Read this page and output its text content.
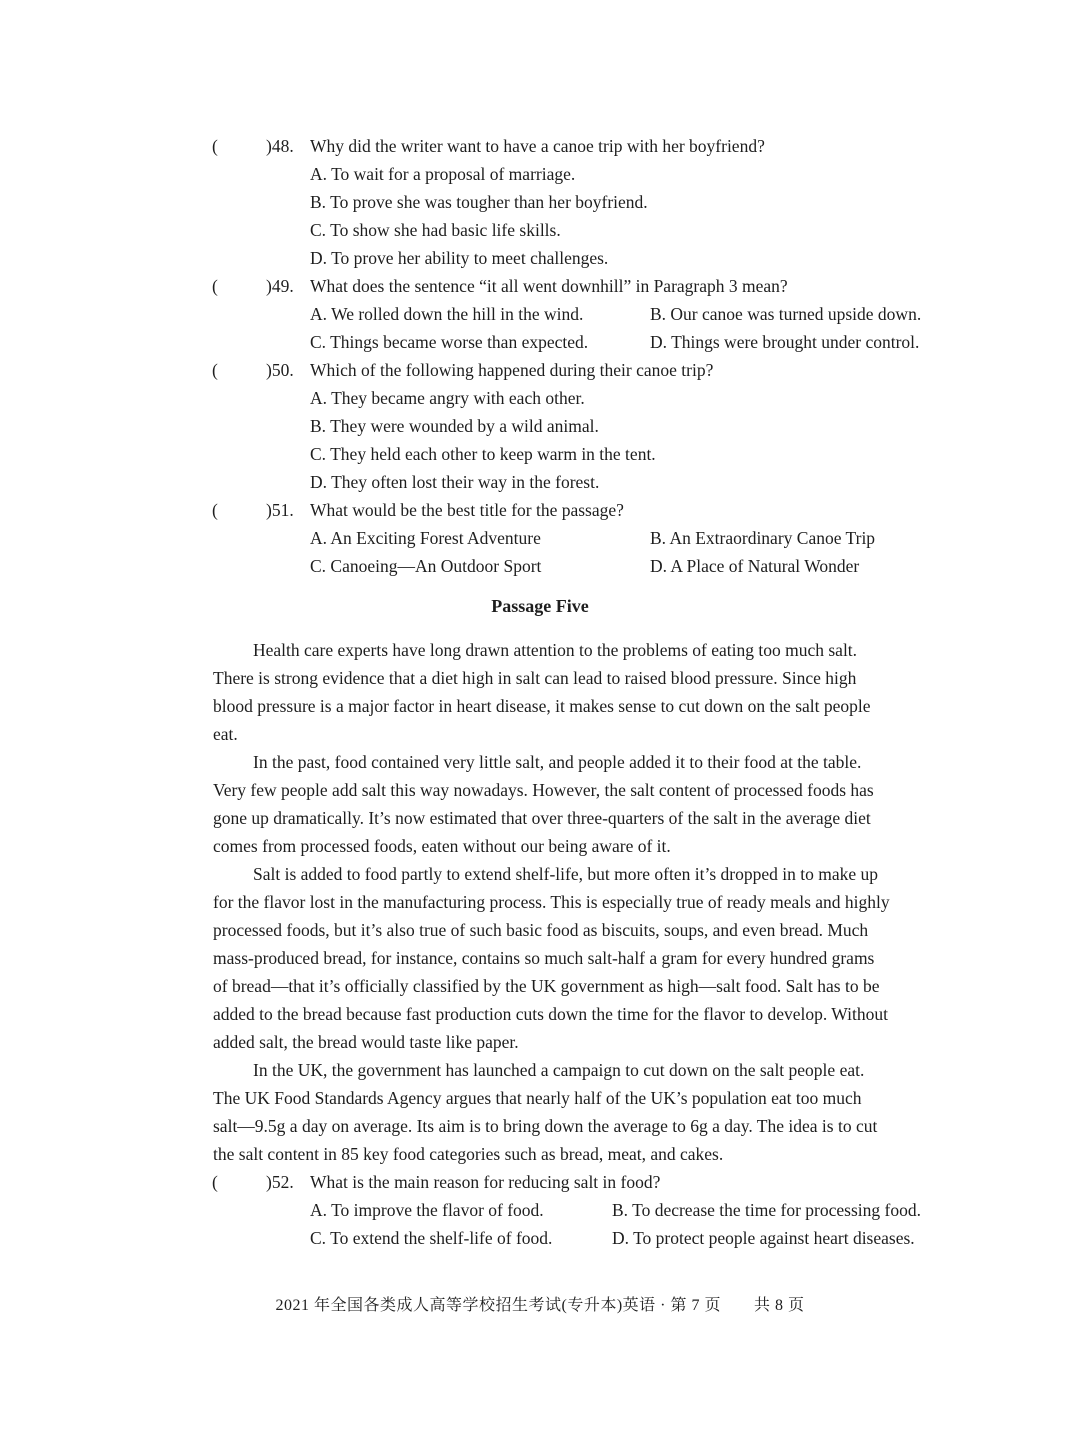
(	)48. Why did the writer want to have a canoe trip with her boyfriend?
A. To wait for a proposal of marriage.
B. To prove she was tougher than her boyfriend.
C. To show she had basic life skills.
D. To prove her ability to meet challenges.
(	)49. What does the sentence “it all went downhill” in Paragraph 3 mean?
A. We rolled down the hill in the wind.	B. Our canoe was turned upside down.
C. Things became worse than expected.	D. Things were brought under control.
(	)50. Which of the following happened during their canoe trip?
A. They became angry with each other.
B. They were wounded by a wild animal.
C. They held each other to keep warm in the tent.
D. They often lost their way in the forest.
(	)51. What would be the best title for the passage?
A. An Exciting Forest Adventure	B. An Extraordinary Canoe Trip
C. Canoeing—An Outdoor Sport	D. A Place of Natural Wonder
Passage Five
Health care experts have long drawn attention to the problems of eating too much salt.
There is strong evidence that a diet high in salt can lead to raised blood pressure. Since high
blood pressure is a major factor in heart disease, it makes sense to cut down on the salt people
eat.
In the past, food contained very little salt, and people added it to their food at the table.
Very few people add salt this way nowadays. However, the salt content of processed foods has
gone up dramatically. It’s now estimated that over three-quarters of the salt in the average diet
comes from processed foods, eaten without our being aware of it.
Salt is added to food partly to extend shelf-life, but more often it’s dropped in to make up
for the flavor lost in the manufacturing process. This is especially true of ready meals and highly
processed foods, but it’s also true of such basic food as biscuits, soups, and even bread. Much
mass-produced bread, for instance, contains so much salt-half a gram for every hundred grams
of bread—that it’s officially classified by the UK government as high—salt food. Salt has to be
added to the bread because fast production cuts down the time for the flavor to develop. Without
added salt, the bread would taste like paper.
In the UK, the government has launched a campaign to cut down on the salt people eat.
The UK Food Standards Agency argues that nearly half of the UK’s population eat too much
salt—9.5g a day on average. Its aim is to bring down the average to 6g a day. The idea is to cut
the salt content in 85 key food categories such as bread, meat, and cakes.
(	)52. What is the main reason for reducing salt in food?
A. To improve the flavor of food.	B. To decrease the time for processing food.
C. To extend the shelf-life of food.	D. To protect people against heart diseases.
2021 年全国各类成人高等学校招生考试(专升本)英语 · 第 7 页　　共 8 页
